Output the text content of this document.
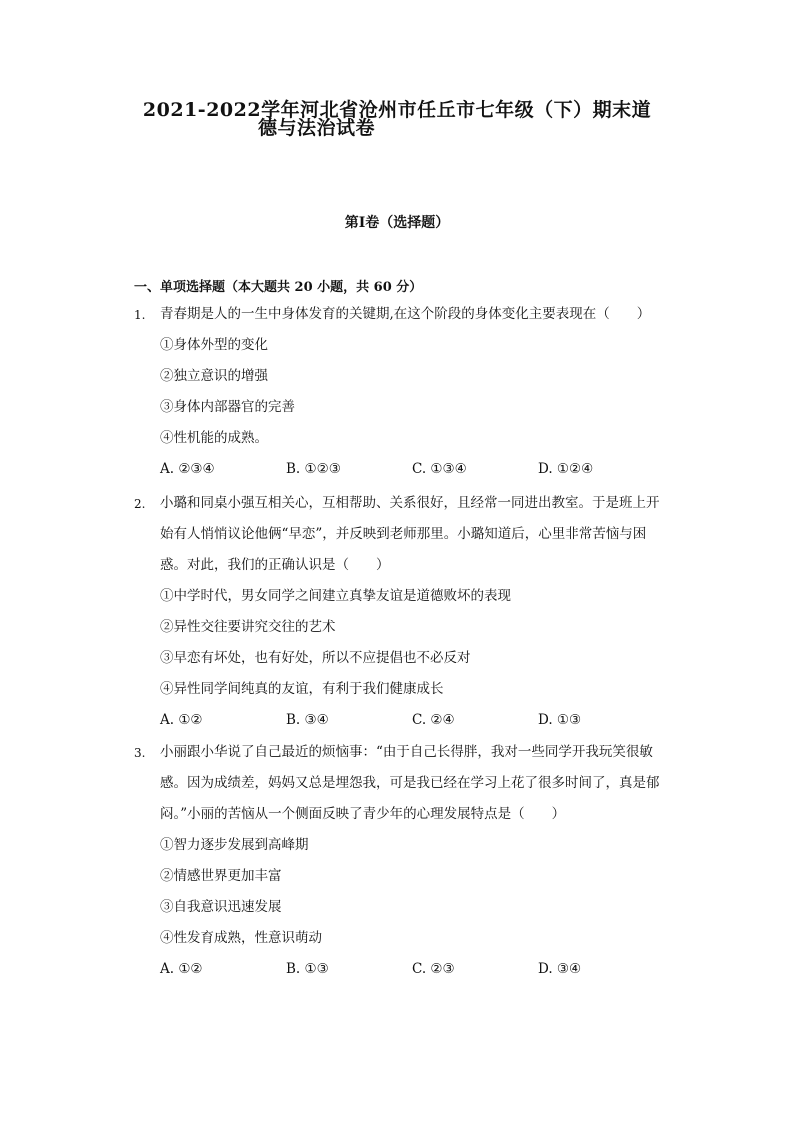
2021-2022学年河北省沧州市任丘市七年级（下）期末道
德与法治试卷
第I卷（选择题）
一、单项选择题（本大题共 20 小题，共 60 分）
1.	青春期是人的一生中身体发育的关键期,在这个阶段的身体变化主要表现在（　　）
①身体外型的变化
②独立意识的增强
③身体内部器官的完善
④性机能的成熟。
A. ②③④	B. ①②③	C. ①③④	D. ①②④
2.	小璐和同桌小强互相关心，互相帮助、关系很好，且经常一同进出教室。于是班上开始有人悄悄议论他俩“早恋”，并反映到老师那里。小璐知道后，心里非常苦恼与困惑。对此，我们的正确认识是（　　）
①中学时代，男女同学之间建立真挚友谊是道德败坏的表现
②异性交往要讲究交往的艺术
③早恋有坏处，也有好处，所以不应提倡也不必反对
④异性同学间纯真的友谊，有利于我们健康成长
A. ①②	B. ③④	C. ②④	D. ①③
3.	小丽跟小华说了自己最近的烦恼事：“由于自己长得胖，我对一些同学开我玩笑很敏感。因为成绩差，妈妈又总是埋怨我，可是我已经在学习上花了很多时间了，真是郁闷。”小丽的苦恼从一个侧面反映了青少年的心理发展特点是（　　）
①智力逐步发展到高峰期
②情感世界更加丰富
③自我意识迅速发展
④性发育成熟，性意识萌动
A. ①②	B. ①③	C. ②③	D. ③④
